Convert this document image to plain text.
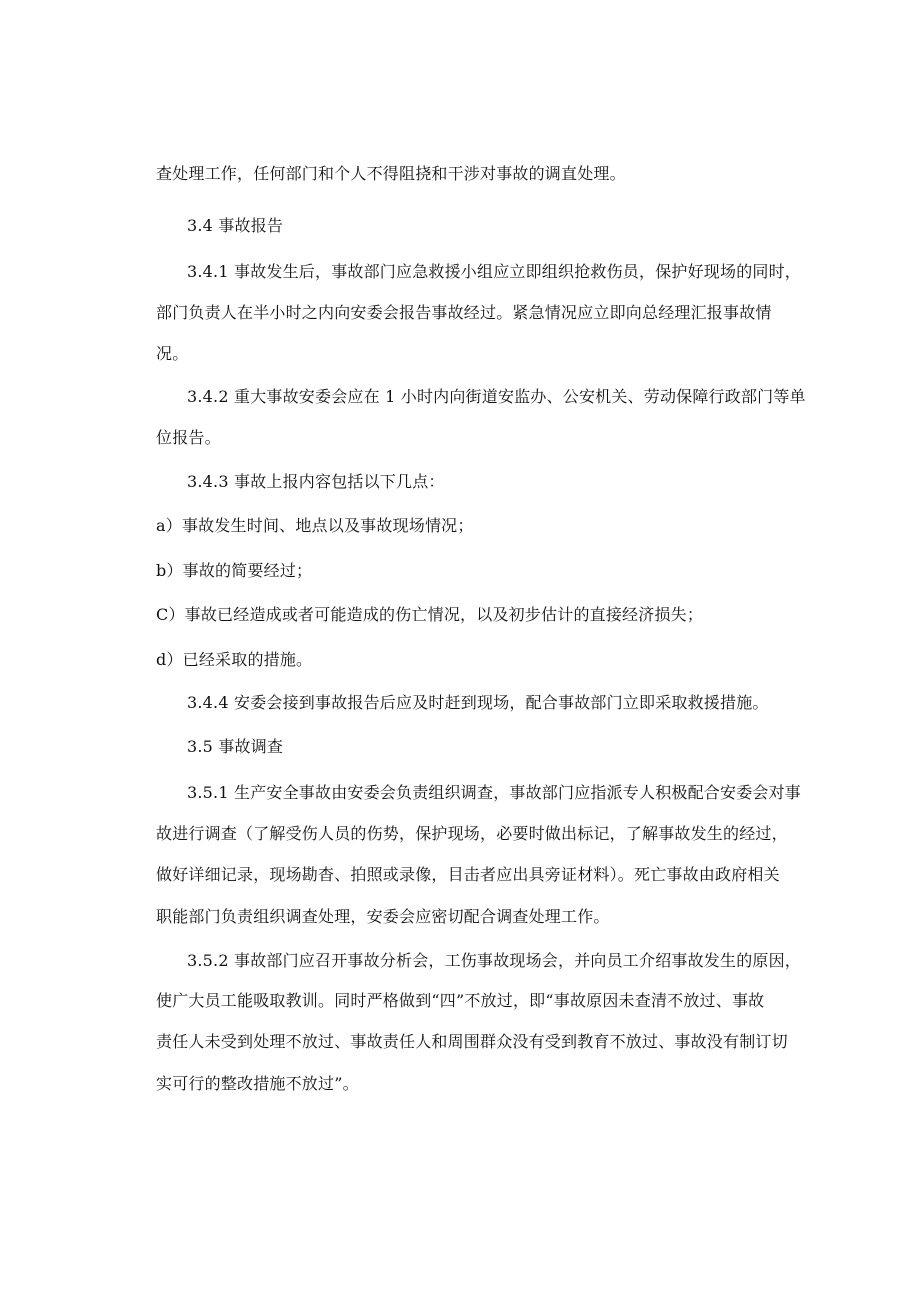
查处理工作，任何部门和个人不得阻挠和干涉对事故的调直处理。
3.4 事故报告
3.4.1 事故发生后，事故部门应急救援小组应立即组织抢救伤员，保护好现场的同时，
部门负责人在半小时之内向安委会报告事故经过。紧急情况应立即向总经理汇报事故情
况。
3.4.2 重大事故安委会应在 1 小时内向街道安监办、公安机关、劳动保障行政部门等单
位报告。
3.4.3 事故上报内容包括以下几点：
a）事故发生时间、地点以及事故现场情况；
b）事故的简要经过；
C）事故已经造成或者可能造成的伤亡情况，以及初步估计的直接经济损失；
d）已经采取的措施。
3.4.4 安委会接到事故报告后应及时赶到现场，配合事故部门立即采取救援措施。
3.5 事故调查
3.5.1 生产安全事故由安委会负责组织调查，事故部门应指派专人积极配合安委会对事
故进行调查（了解受伤人员的伤势，保护现场，必要时做出标记，了解事故发生的经过，
做好详细记录，现场勘杳、拍照或录像，目击者应出具旁证材料）。死亡事故由政府相关
职能部门负责组织调查处理，安委会应密切配合调查处理工作。
3.5.2 事故部门应召开事故分析会，工伤事故现场会，并向员工介绍事故发生的原因，
使广大员工能吸取教训。同时严格做到“四”不放过，即“事故原因未查清不放过、事故
责任人未受到处理不放过、事故责任人和周围群众没有受到教育不放过、事故没有制订切
实可行的整改措施不放过”。
